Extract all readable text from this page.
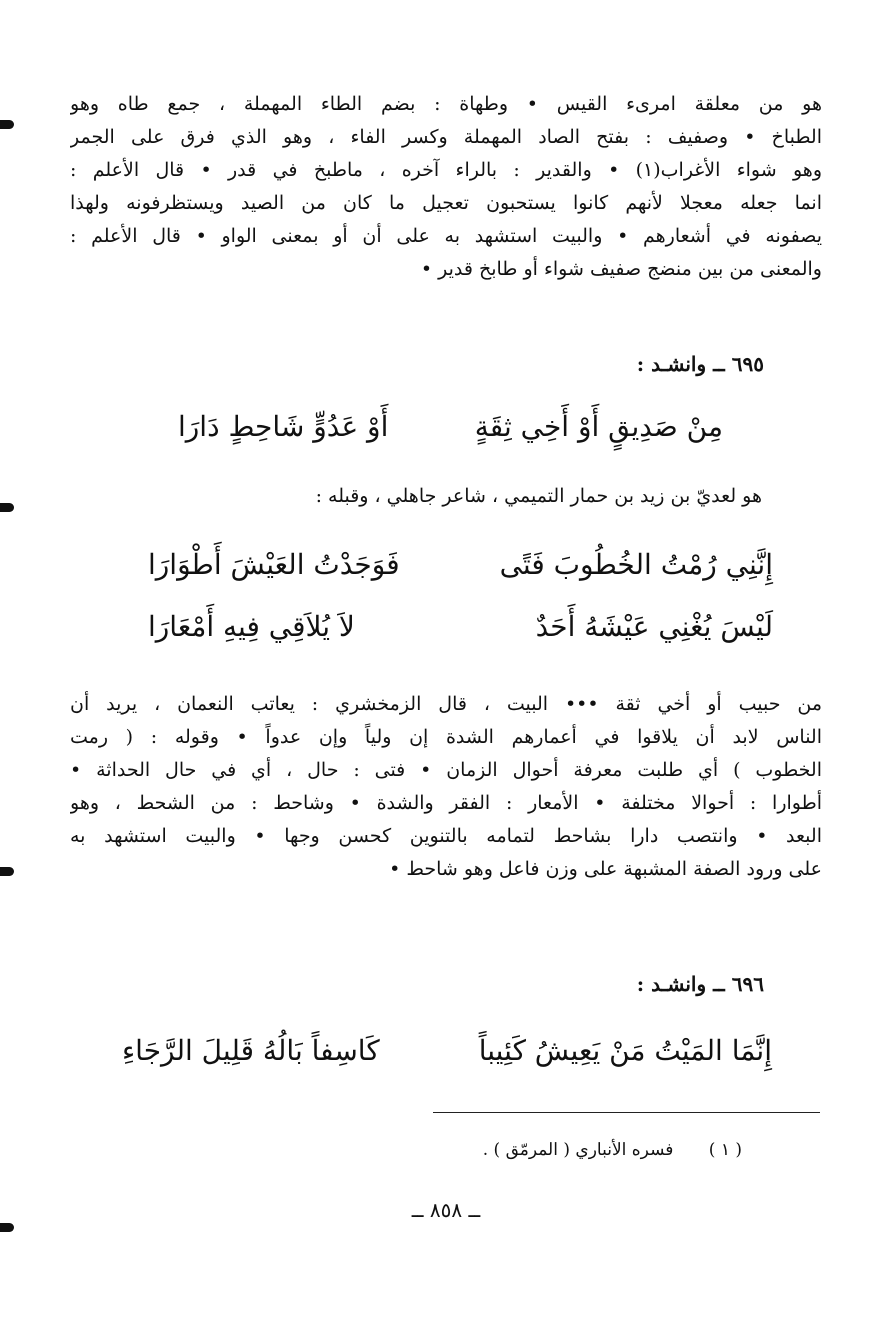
هو من معلقة امرىء القيس • وطهاة : بضم الطاء المهملة ، جمع طاه وهو
الطباخ • وصفيف : بفتح الصاد المهملة وكسر الفاء ، وهو الذي فرق على الجمر
وهو شواء الأغراب(١) • والقدير : بالراء آخره ، ماطبخ في قدر • قال الأعلم :
انما جعله معجلا لأنهم كانوا يستحبون تعجيل ما كان من الصيد ويستظرفونه ولهذا
يصفونه في أشعارهم • والبيت استشهد به على أن أو بمعنى الواو • قال الأعلم :
والمعنى من بين منضج صفيف شواء أو طابخ قدير •
٦٩٥ ــ وانشـد :
مِنْ صَدِيقٍ أَوْ أَخِي ثِقَةٍ
أَوْ عَدُوٍّ شَاحِطٍ دَارَا
هو لعديّ بن زيد بن حمار التميمي ، شاعر جاهلي ، وقبله :
إِنَّنِي رُمْتُ الخُطُوبَ فَتًى
فَوَجَدْتُ العَيْشَ أَطْوَارَا
لَيْسَ يُغْنِي عَيْشَهُ أَحَدٌ
لاَ يُلاَقِي فِيهِ أَمْعَارَا
من حبيب أو أخي ثقة ••• البيت ، قال الزمخشري : يعاتب النعمان ، يريد أن
الناس لابد أن يلاقوا في أعمارهم الشدة إن ولياً وإن عدواً • وقوله : ( رمت
الخطوب ) أي طلبت معرفة أحوال الزمان • فتى : حال ، أي في حال الحداثة •
أطوارا : أحوالا مختلفة • الأمعار : الفقر والشدة • وشاحط : من الشحط ، وهو
البعد • وانتصب دارا بشاحط لتمامه بالتنوين كحسن وجها • والبيت استشهد به
على ورود الصفة المشبهة على وزن فاعل وهو شاحط •
٦٩٦ ــ وانشـد :
إِنَّمَا المَيْتُ مَنْ يَعِيشُ كَئِيباً
كَاسِفاً بَالُهُ قَلِيلَ الرَّجَاءِ
( ١ ) فسره الأنباري ( المرمّق ) .
ــ ٨٥٨ ــ
